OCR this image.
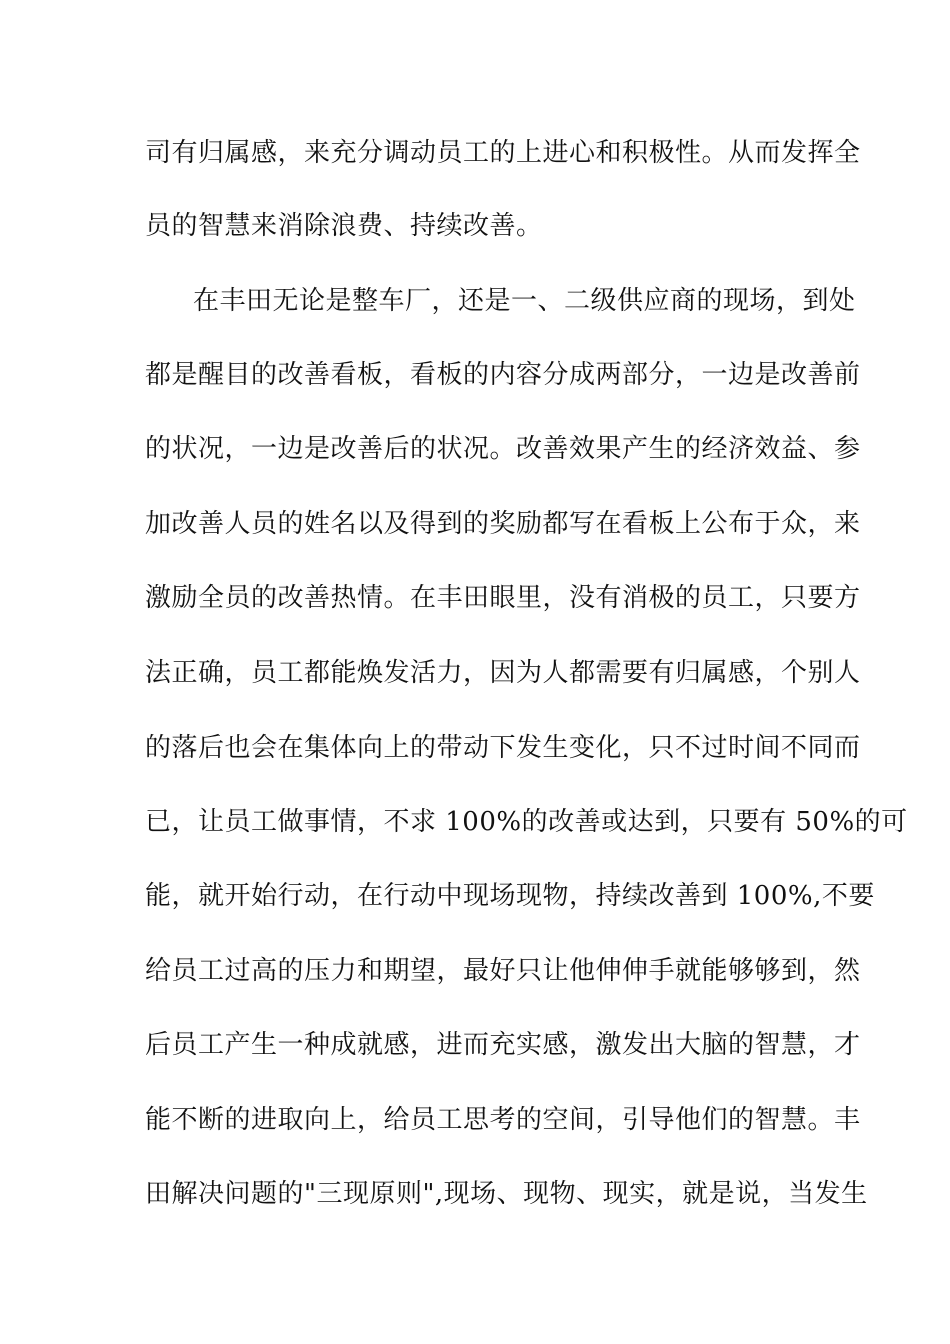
司有归属感，来充分调动员工的上进心和积极性。从而发挥全
员的智慧来消除浪费、持续改善。
在丰田无论是整车厂，还是一、二级供应商的现场，到处
都是醒目的改善看板，看板的内容分成两部分，一边是改善前
的状况，一边是改善后的状况。改善效果产生的经济效益、参
加改善人员的姓名以及得到的奖励都写在看板上公布于众，来
激励全员的改善热情。在丰田眼里，没有消极的员工，只要方
法正确，员工都能焕发活力，因为人都需要有归属感，个别人
的落后也会在集体向上的带动下发生变化，只不过时间不同而
已，让员工做事情，不求 100%的改善或达到，只要有 50%的可
能，就开始行动，在行动中现场现物，持续改善到 100%,不要
给员工过高的压力和期望，最好只让他伸伸手就能够够到，然
后员工产生一种成就感，进而充实感，激发出大脑的智慧，才
能不断的进取向上，给员工思考的空间，引导他们的智慧。丰
田解决问题的"三现原则",现场、现物、现实，就是说，当发生
